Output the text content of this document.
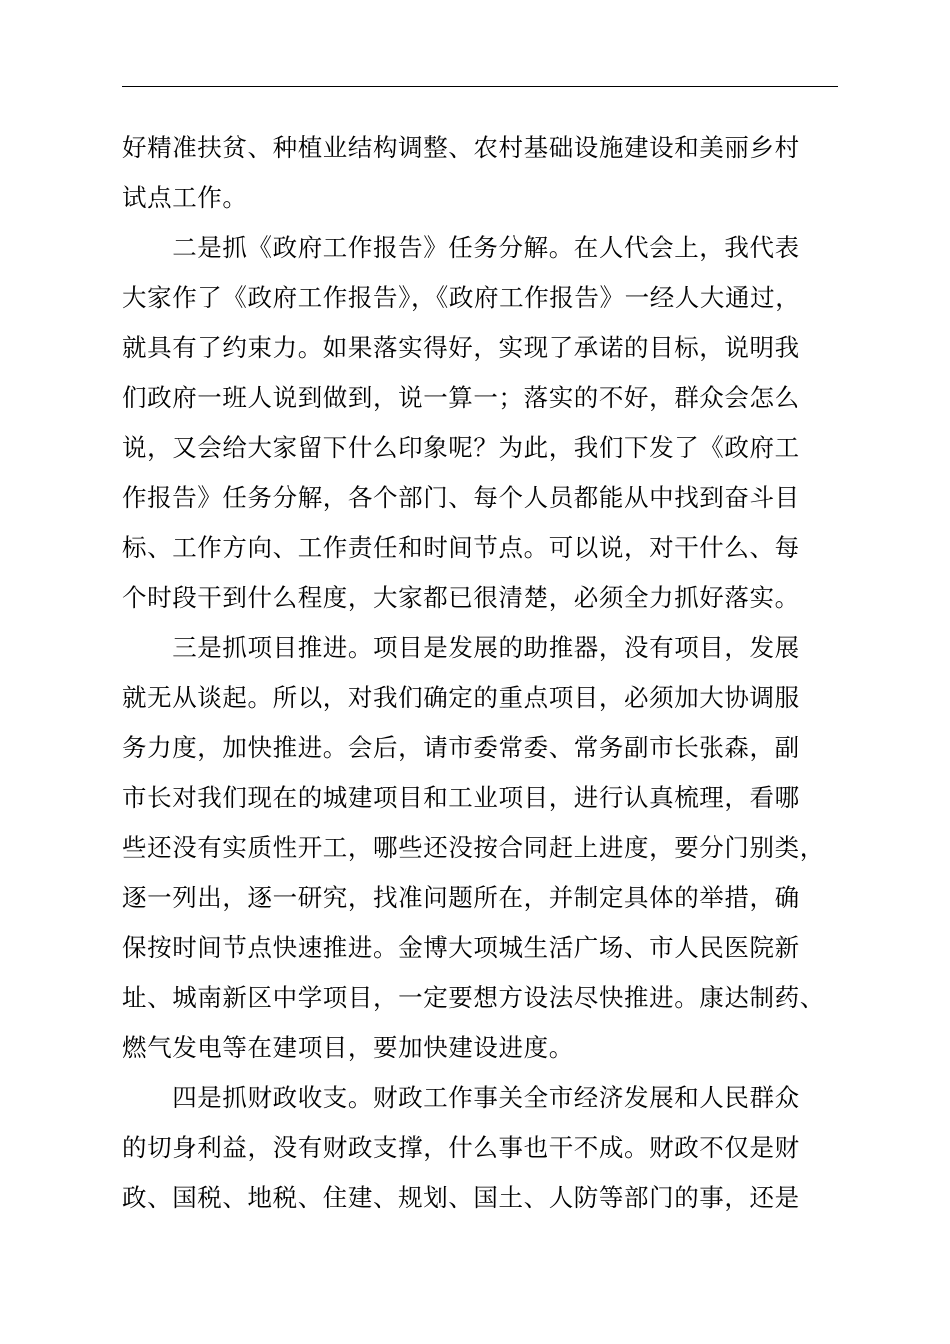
好精准扶贫、种植业结构调整、农村基础设施建设和美丽乡村
试点工作。
　　二是抓《政府工作报告》任务分解。在人代会上，我代表
大家作了《政府工作报告》，《政府工作报告》一经人大通过，
就具有了约束力。如果落实得好，实现了承诺的目标，说明我
们政府一班人说到做到，说一算一；落实的不好，群众会怎么
说，又会给大家留下什么印象呢？为此，我们下发了《政府工
作报告》任务分解，各个部门、每个人员都能从中找到奋斗目
标、工作方向、工作责任和时间节点。可以说，对干什么、每
个时段干到什么程度，大家都已很清楚，必须全力抓好落实。
　　三是抓项目推进。项目是发展的助推器，没有项目，发展
就无从谈起。所以，对我们确定的重点项目，必须加大协调服
务力度，加快推进。会后，请市委常委、常务副市长张森，副
市长对我们现在的城建项目和工业项目，进行认真梳理，看哪
些还没有实质性开工，哪些还没按合同赶上进度，要分门别类，
逐一列出，逐一研究，找准问题所在，并制定具体的举措，确
保按时间节点快速推进。金博大项城生活广场、市人民医院新
址、城南新区中学项目，一定要想方设法尽快推进。康达制药、
燃气发电等在建项目，要加快建设进度。
　　四是抓财政收支。财政工作事关全市经济发展和人民群众
的切身利益，没有财政支撑，什么事也干不成。财政不仅是财
政、国税、地税、住建、规划、国土、人防等部门的事，还是
